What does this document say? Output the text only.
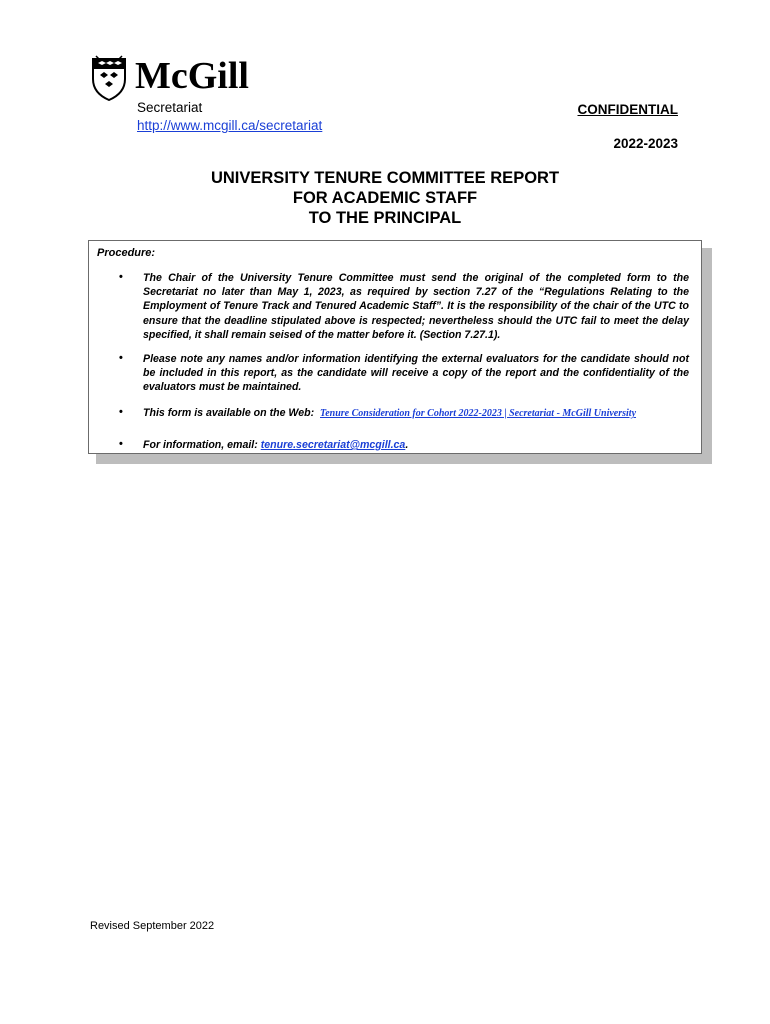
McGill
Secretariat
http://www.mcgill.ca/secretariat
CONFIDENTIAL
2022-2023
UNIVERSITY TENURE COMMITTEE REPORT
FOR ACADEMIC STAFF
TO THE PRINCIPAL
Procedure:
• The Chair of the University Tenure Committee must send the original of the completed form to the Secretariat no later than May 1, 2023, as required by section 7.27 of the “Regulations Relating to the Employment of Tenure Track and Tenured Academic Staff”. It is the responsibility of the chair of the UTC to ensure that the deadline stipulated above is respected; nevertheless should the UTC fail to meet the delay specified, it shall remain seised of the matter before it. (Section 7.27.1).
• Please note any names and/or information identifying the external evaluators for the candidate should not be included in this report, as the candidate will receive a copy of the report and the confidentiality of the evaluators must be maintained.
• This form is available on the Web: Tenure Consideration for Cohort 2022-2023 | Secretariat - McGill University
• For information, email: tenure.secretariat@mcgill.ca.
Revised September 2022
